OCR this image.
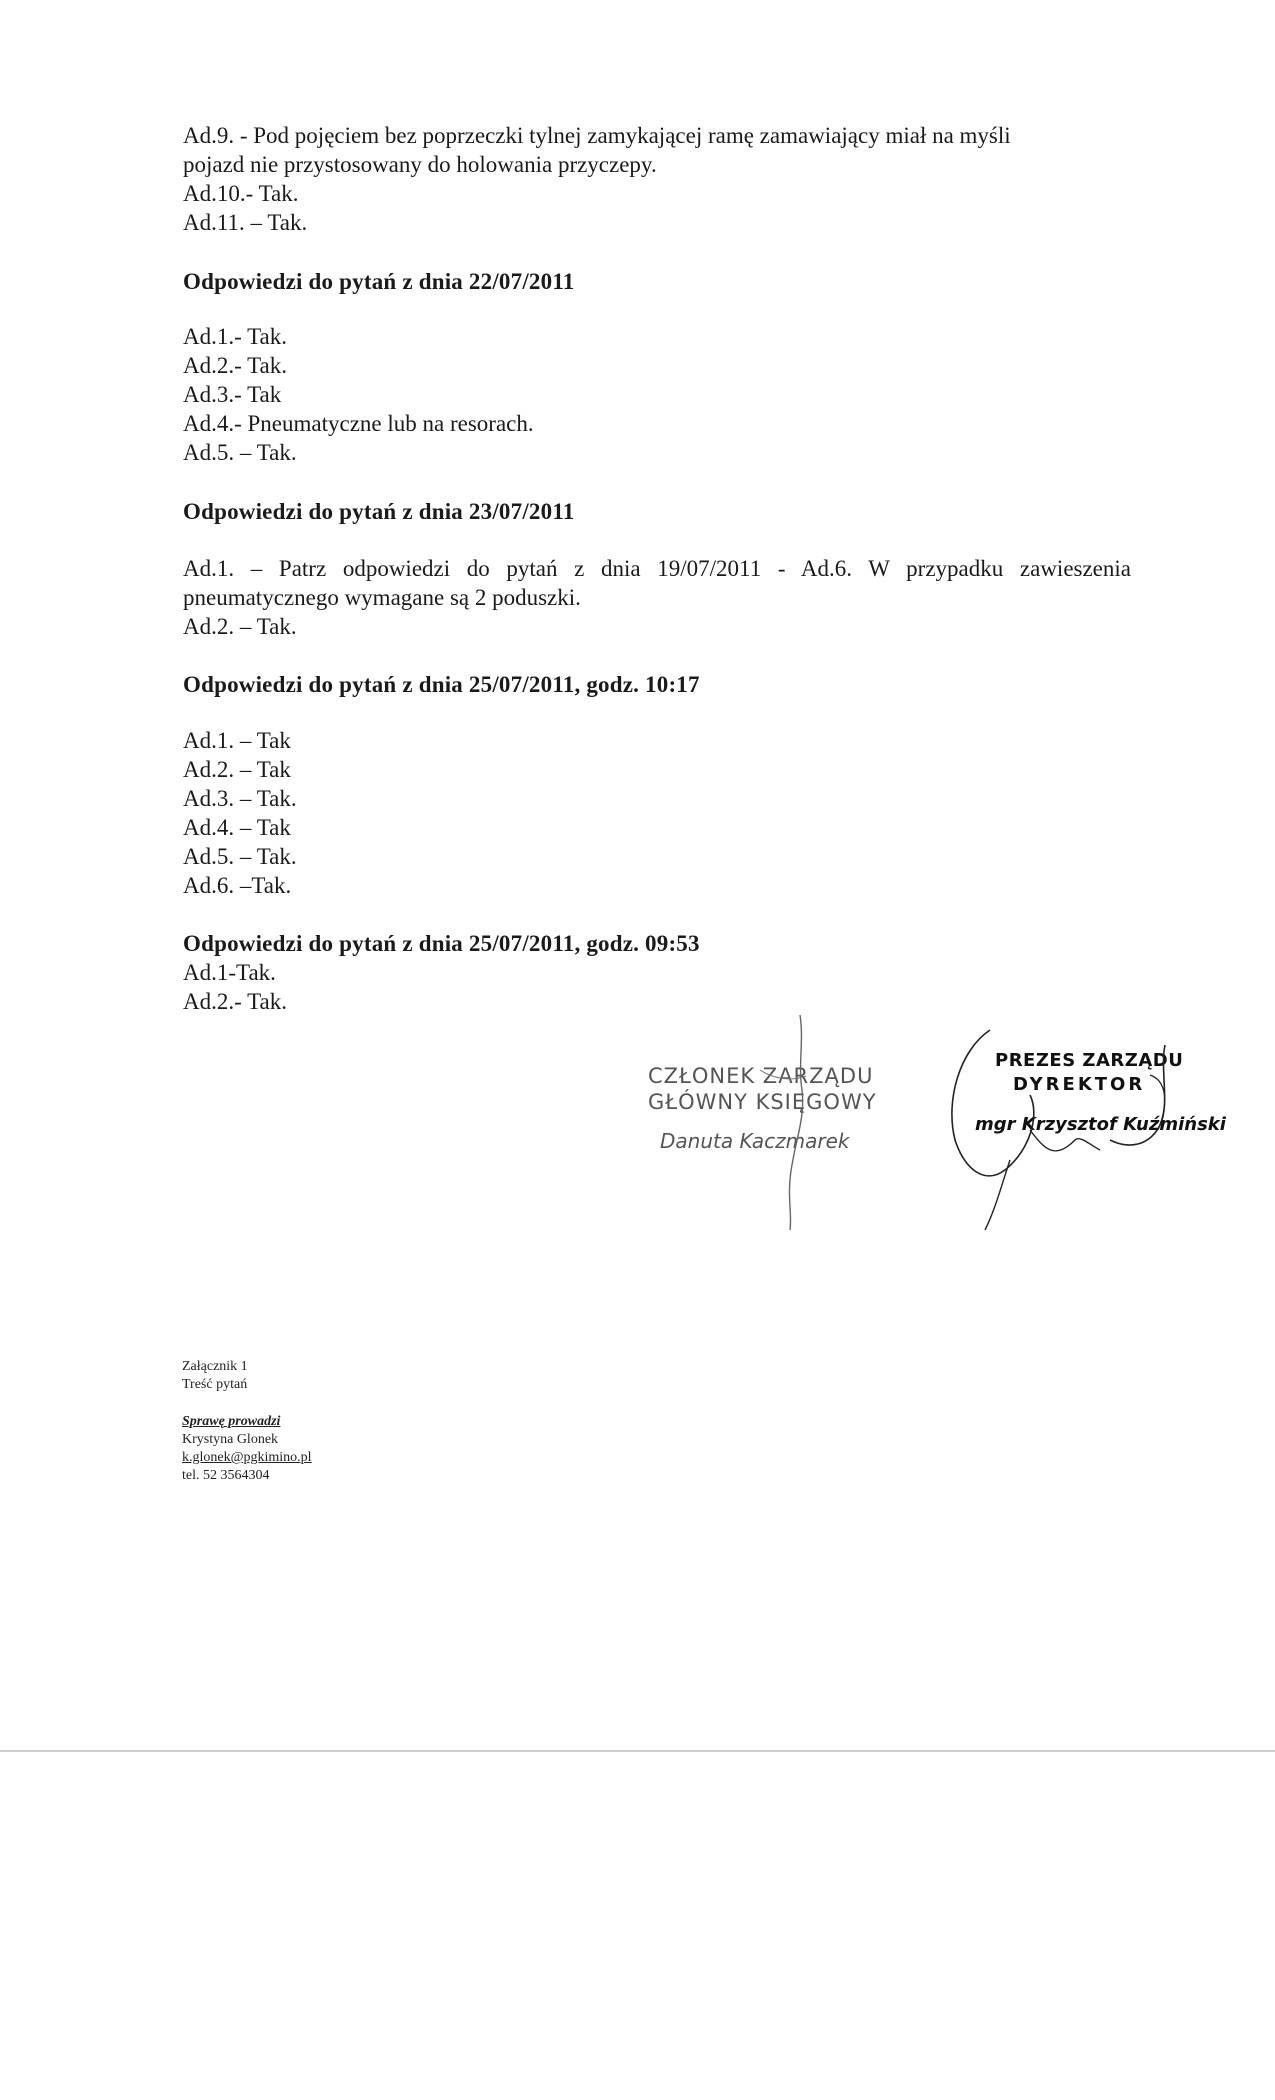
Ad.9. - Pod pojęciem bez poprzeczki tylnej zamykającej ramę zamawiający miał na myśli
pojazd nie przystosowany do holowania przyczepy.
Ad.10.- Tak.
Ad.11. – Tak.
Odpowiedzi do pytań z dnia 22/07/2011
Ad.1.- Tak.
Ad.2.- Tak.
Ad.3.- Tak
Ad.4.- Pneumatyczne lub na resorach.
Ad.5. – Tak.
Odpowiedzi do pytań z dnia 23/07/2011
Ad.1. – Patrz odpowiedzi do pytań z dnia 19/07/2011 - Ad.6. W przypadku zawieszenia
pneumatycznego wymagane są 2 poduszki.
Ad.2. – Tak.
Odpowiedzi do pytań z dnia 25/07/2011, godz. 10:17
Ad.1. – Tak
Ad.2. – Tak
Ad.3. – Tak.
Ad.4. – Tak
Ad.5. – Tak.
Ad.6. –Tak.
Odpowiedzi do pytań z dnia 25/07/2011, godz. 09:53
Ad.1-Tak.
Ad.2.- Tak.
CZŁONEK ZARZĄDU
GŁÓWNY KSIĘGOWY
Danuta Kaczmarek
PREZES ZARZĄDU
DYREKTOR
mgr Krzysztof Kuźmiński
Załącznik 1
Treść pytań
Sprawę prowadzi
Krystyna Glonek
k.glonek@pgkimino.pl
tel. 52 3564304
